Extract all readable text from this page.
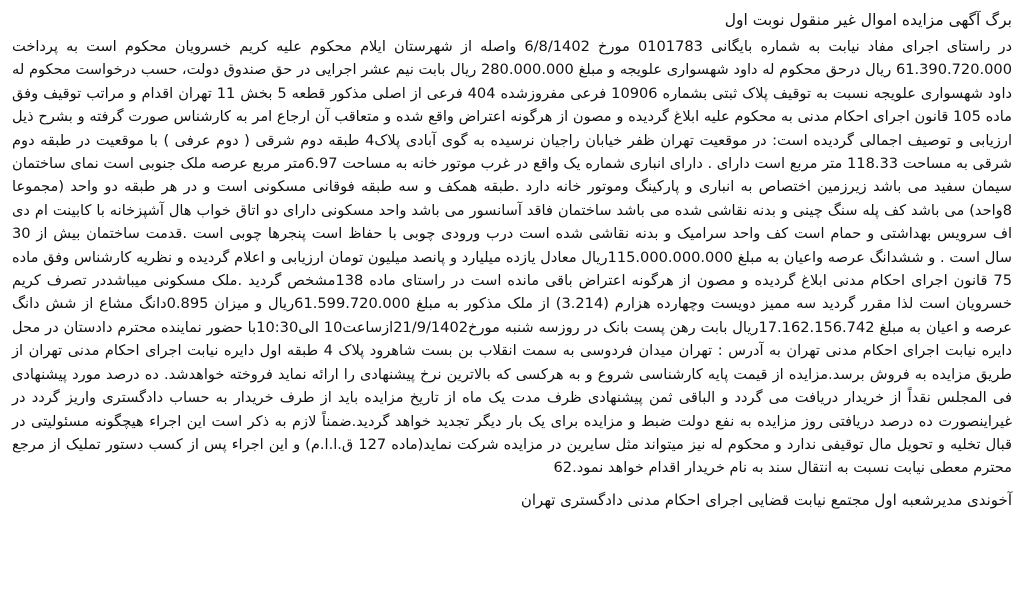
برگ آگهی مزایده اموال غیر منقول نوبت اول

در راستای اجرای مفاد نیابت به شماره بایگانی 0101783 مورخ 6/8/1402 واصله از شهرستان ایلام محکوم علیه کریم خسرویان محکوم است به پرداخت 61.390.720.000 ریال درحق محکوم له داود شهسواری علویجه و مبلغ 280.000.000 ریال بابت نیم عشر اجرایی در حق صندوق دولت، حسب درخواست محکوم له داود شهسواری علویجه نسبت به توقیف پلاک ثبتی بشماره 10906 فرعی مفروزشده 404 فرعی از اصلی مذکور قطعه 5 بخش 11 تهران اقدام و مراتب توقیف وفق ماده 105 قانون اجرای احکام مدنی به محکوم علیه ابلاغ گردیده و مصون از هرگونه اعتراض واقع شده و متعاقب آن ارجاع امر به کارشناس صورت گرفته و بشرح ذیل ارزیابی و توصیف اجمالی گردیده است: در موقعیت تهران ظفر خیابان راجیان نرسیده به گوی آبادی پلاک4 طبقه دوم شرقی ( دوم عرفی ) با موقعیت در طبقه دوم شرقی به مساحت 118.33 متر مربع است دارای . دارای انباری شماره یک واقع در غرب موتور خانه به مساحت 6.97متر مربع عرصه ملک جنوبی است نمای ساختمان سیمان سفید می باشد زیرزمین اختصاص به انباری و پارکینگ وموتور خانه دارد .طبقه همکف و سه طبقه فوقانی مسکونی است و در هر طبقه دو واحد (مجموعا 8واحد) می باشد کف پله سنگ چینی و بدنه نقاشی شده می باشد ساختمان فاقد آسانسور می باشد واحد مسکونی دارای دو اتاق خواب هال آشپزخانه با کابینت ام دی اف سرویس بهداشتی و حمام است کف واحد سرامیک و بدنه نقاشی شده است درب ورودی چوبی با حفاظ است پنجرها چوبی است .قدمت ساختمان بیش از 30 سال است . و ششدانگ عرصه واعیان به مبلغ 115.000.000.000ریال معادل یازده میلیارد و پانصد میلیون تومان ارزیابی و اعلام گردیده و نظریه کارشناس وفق ماده 75 قانون اجرای احکام مدنی ابلاغ گردیده و مصون از هرگونه اعتراض باقی مانده است در راستای ماده 138مشخص گردید .ملک مسکونی میباشددر تصرف کریم خسرویان است لذا مقرر گردید سه ممیز دویست وچهارده هزارم (3.214) از ملک مذکور به مبلغ 61.599.720.000ریال و میزان 0.895دانگ مشاع از شش دانگ عرصه و اعیان به مبلغ 17.162.156.742ریال بابت رهن پست بانک در روزسه شنبه مورخ21/9/1402ازساعت10 الی10:30با حضور نماینده محترم دادستان در محل دایره نیابت اجرای احکام مدنی تهران به آدرس : تهران میدان فردوسی به سمت انقلاب بن بست شاهرود پلاک 4 طبقه اول دایره نیابت اجرای احکام مدنی تهران از طریق مزایده به فروش برسد.مزایده از قیمت پایه کارشناسی شروع و به هرکسی که بالاترین نرخ پیشنهادی را ارائه نماید فروخته خواهدشد. ده درصد مورد پیشنهادی فی المجلس نقداً از خریدار دریافت می گردد و الباقی ثمن پیشنهادی ظرف مدت یک ماه از تاریخ مزایده باید از طرف خریدار به حساب دادگستری واریز گردد در غیراینصورت ده درصد دریافتی روز مزایده به نفع دولت ضبط و مزایده برای یک بار دیگر تجدید خواهد گردید.ضمناً لازم به ذکر است این اجراء هیچگونه مسئولیتی در قبال تخلیه و تحویل مال توقیفی ندارد و محکوم له نیز میتواند مثل سایرین در مزایده شرکت نماید(ماده 127 ق.ا.ا.م) و این اجراء پس از کسب دستور تملیک از مرجع محترم معطی نیابت نسبت به انتقال سند به نام خریدار اقدام خواهد نمود.62

آخوندی مدیرشعبه اول مجتمع نیابت قضایی اجرای احکام مدنی دادگستری تهران
